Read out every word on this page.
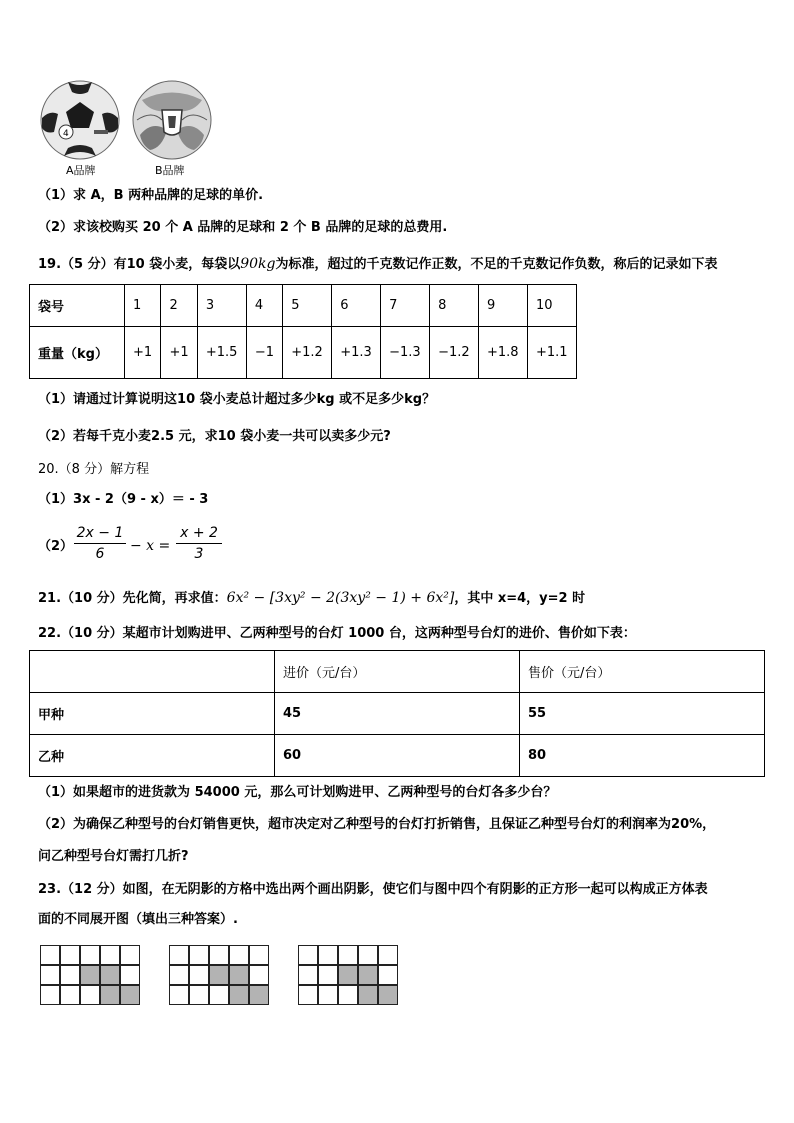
4
A品牌	B品牌
（1）求 A，B 两种品牌的足球的单价.
（2）求该校购买 20 个 A 品牌的足球和 2 个 B 品牌的足球的总费用.
19.（5 分）有10 袋小麦，每袋以90kg为标准，超过的千克数记作正数，不足的千克数记作负数，称后的记录如下表
袋号	1	2	3	4	5	6	7	8	9	10
重量（kg）	+1	+1	+1.5	−1	+1.2	+1.3	−1.3	−1.2	+1.8	+1.1
（1）请通过计算说明这10 袋小麦总计超过多少kg 或不足多少kg？
（2）若每千克小麦2.5 元，求10 袋小麦一共可以卖多少元?
20.（8 分）解方程
（1）3x - 2（9 - x）＝ - 3
（2）
2x − 1
6	− x =
x + 2
3
21.（10 分）先化简，再求值：6x² − [3xy² − 2(3xy² − 1) + 6x²]，其中 x=4，y=2 时
22.（10 分）某超市计划购进甲、乙两种型号的台灯 1000 台，这两种型号台灯的进价、售价如下表：
	进价（元/台）	售价（元/台）
甲种	45	55
乙种	60	80
（1）如果超市的进货款为 54000 元，那么可计划购进甲、乙两种型号的台灯各多少台？
（2）为确保乙种型号的台灯销售更快，超市决定对乙种型号的台灯打折销售，且保证乙种型号台灯的利润率为20%，
问乙种型号台灯需打几折?
23.（12 分）如图，在无阴影的方格中选出两个画出阴影，使它们与图中四个有阴影的正方形一起可以构成正方体表
面的不同展开图（填出三种答案）.
